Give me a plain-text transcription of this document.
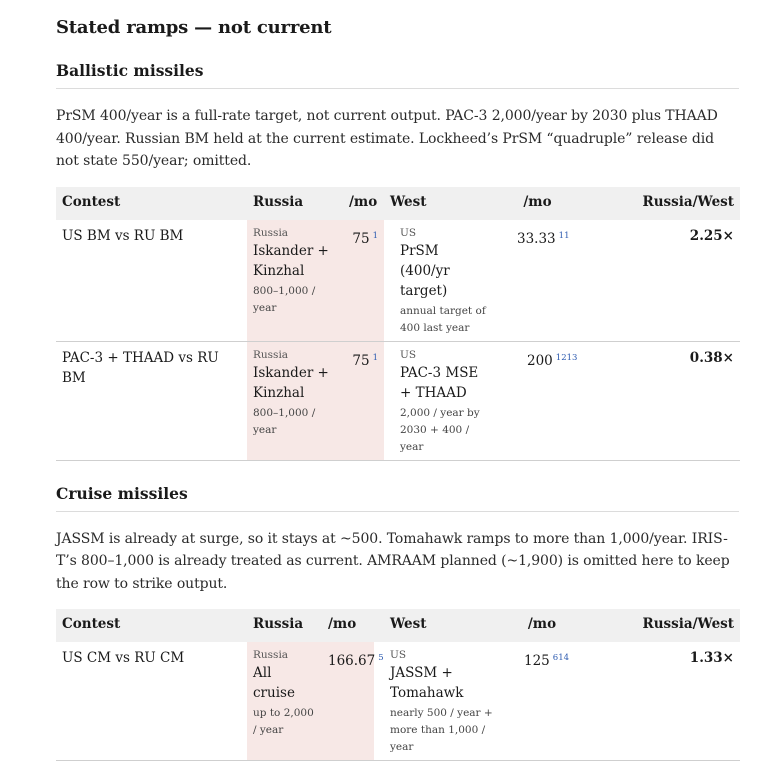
Stated ramps — not current
Ballistic missiles

PrSM 400/year is a full-rate target, not current output. PAC-3 2,000/year by 2030 plus THAAD 400/year. Russian BM held at the current estimate. Lockheed’s PrSM “quadruple” release did not state 550/year; omitted.

Contest	Russia	/mo	West	/mo	Russia/West
US BM vs RU BM	Russia
Iskander + Kinzhal
800–1,000 / year	75 $^1$	US
PrSM (400/yr target)
annual target of 400 last year	33.33 $^{11}$	2.25×
PAC-3 + THAAD vs RU BM	Russia
Iskander + Kinzhal
800–1,000 / year	75 $^1$	US
PAC-3 MSE + THAAD
2,000 / year by 2030 + 400 / year	200 $^{1213}$	0.38×
Cruise missiles

JASSM is already at surge, so it stays at ~500. Tomahawk ramps to more than 1,000/year. IRIS-T’s 800–1,000 is already treated as current. AMRAAM planned (~1,900) is omitted here to keep the row to strike output.

Contest	Russia	/mo	West	/mo	Russia/West
US CM vs RU CM	Russia
All cruise
up to 2,000 / year	166.67 $^5$	US
JASSM + Tomahawk
nearly 500 / year + more than 1,000 / year	125 $^{614}$	1.33×
